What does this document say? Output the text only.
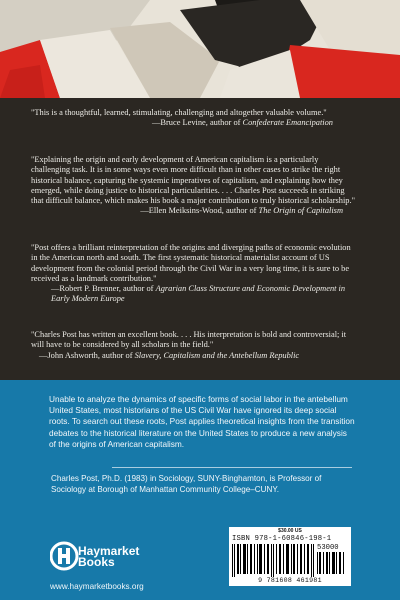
"This is a thoughtful, learned, stimulating, challenging and altogether valuable volume."
—Bruce Levine, author of Confederate Emancipation
"Explaining the origin and early development of American capitalism is a particularly challenging task. It is in some ways even more difficult than in other cases to strike the right historical balance, capturing the systemic imperatives of capitalism, and explaining how they emerged, while doing justice to historical particularities. . . . Charles Post succeeds in striking that difficult balance, which makes his book a major contribution to truly historical scholarship."
—Ellen Meiksins-Wood, author of The Origin of Capitalism
"Post offers a brilliant reinterpretation of the origins and diverging paths of economic evolution in the American north and south. The first systematic historical materialist account of US development from the colonial period through the Civil War in a very long time, it is sure to be received as a landmark contribution."
—Robert P. Brenner, author of Agrarian Class Structure and Economic Development in Early Modern Europe
"Charles Post has written an excellent book. . . . His interpretation is bold and controversial; it will have to be considered by all scholars in the field."
—John Ashworth, author of Slavery, Capitalism and the Antebellum Republic
Unable to analyze the dynamics of specific forms of social labor in the antebellum United States, most historians of the US Civil War have ignored its deep social roots. To search out these roots, Post applies theoretical insights from the transition debates to the historical literature on the United States to produce a new analysis of the origins of American capitalism.
Charles Post, Ph.D. (1983) in Sociology, SUNY-Binghamton, is Professor of Sociology at Borough of Manhattan Community College–CUNY.
Haymarket
Books
www.haymarketbooks.org
$30.00 US
ISBN 978-1-60846-198-1
53000
9 781608 461981
